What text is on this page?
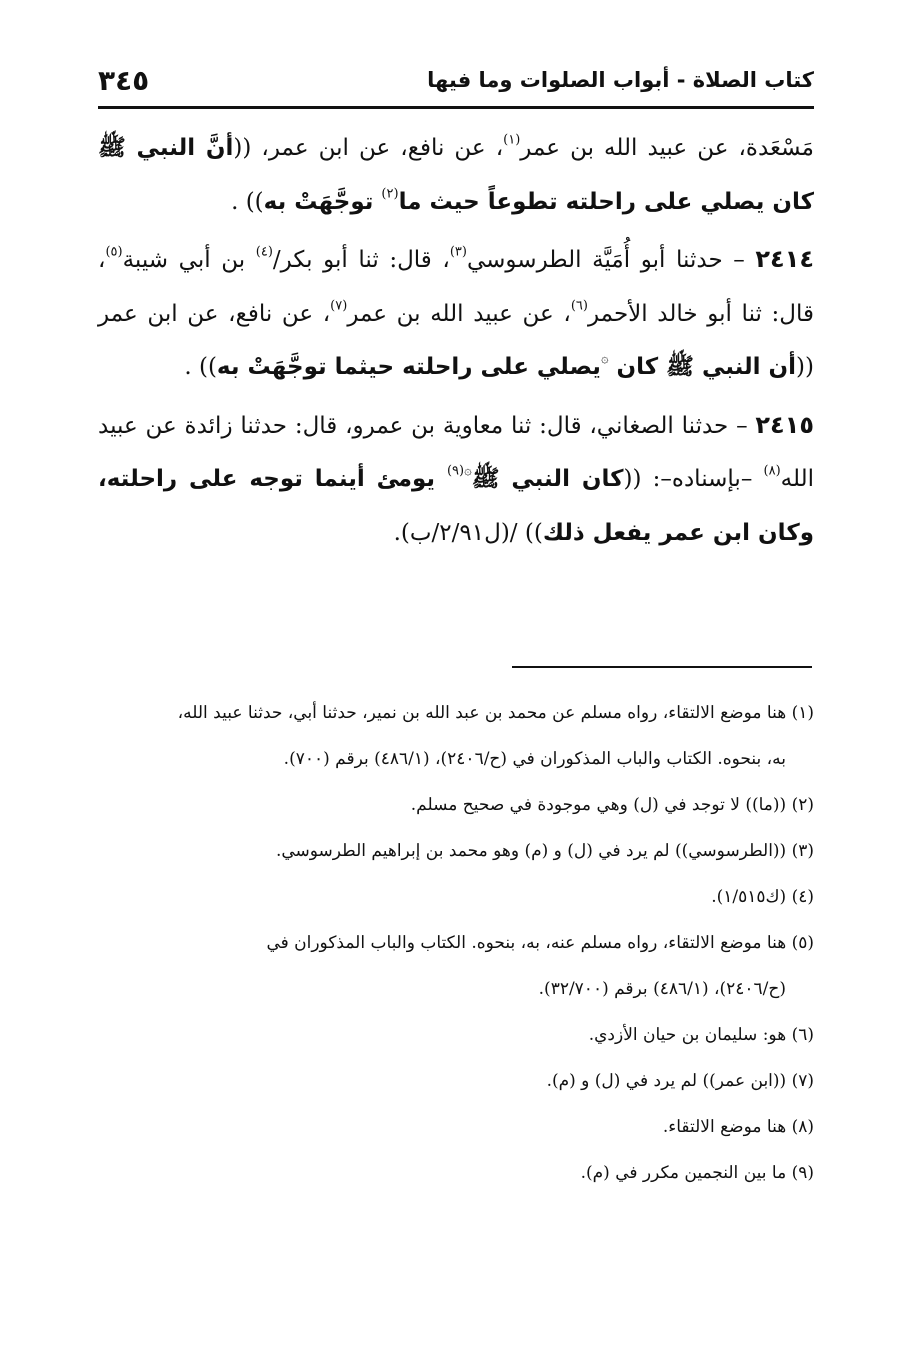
كتاب الصلاة - أبواب الصلوات وما فيها
٣٤٥

مَسْعَدة، عن عبيد الله بن عمر$^{(١)}$، عن نافع، عن ابن عمر، ((أنَّ النبي ﷺ كان يصلي على راحلته تطوعاً حيث ما$^{(٢)}$ توجَّهَتْ به)) .

٢٤١٤ – حدثنا أبو أُمَيَّة الطرسوسي$^{(٣)}$، قال: ثنا أبو بكر/$^{(٤)}$ بن أبي شيبة$^{(٥)}$، قال: ثنا أبو خالد الأحمر$^{(٦)}$، عن عبيد الله بن عمر$^{(٧)}$، عن نافع، عن ابن عمر ((أن النبي ﷺ كان ۞يصلي على راحلته حيثما توجَّهَتْ به)) .

٢٤١٥ – حدثنا الصغاني، قال: ثنا معاوية بن عمرو، قال: حدثنا زائدة عن عبيد الله$^{(٨)}$ –بإسناده–: ((كان النبي ﷺ$^{۞(٩)}$ يومئ أينما توجه على راحلته، وكان ابن عمر يفعل ذلك)) /(ل٢/٩١/ب).

(١) هنا موضع الالتقاء، رواه مسلم عن محمد بن عبد الله بن نمير، حدثنا أبي، حدثنا عبيد الله،

به، بنحوه. الكتاب والباب المذكوران في (ح/٢٤٠٦)، (٤٨٦/١) برقم (٧٠٠).

(٢) ((ما)) لا توجد في (ل) وهي موجودة في صحيح مسلم.

(٣) ((الطرسوسي)) لم يرد في (ل) و (م) وهو محمد بن إبراهيم الطرسوسي.

(٤) (ك١/٥١٥).

(٥) هنا موضع الالتقاء، رواه مسلم عنه، به، بنحوه. الكتاب والباب المذكوران في

(ح/٢٤٠٦)، (٤٨٦/١) برقم (٣٢/٧٠٠).

(٦) هو: سليمان بن حيان الأزدي.

(٧) ((ابن عمر)) لم يرد في (ل) و (م).

(٨) هنا موضع الالتقاء.

(٩) ما بين النجمين مكرر في (م).
